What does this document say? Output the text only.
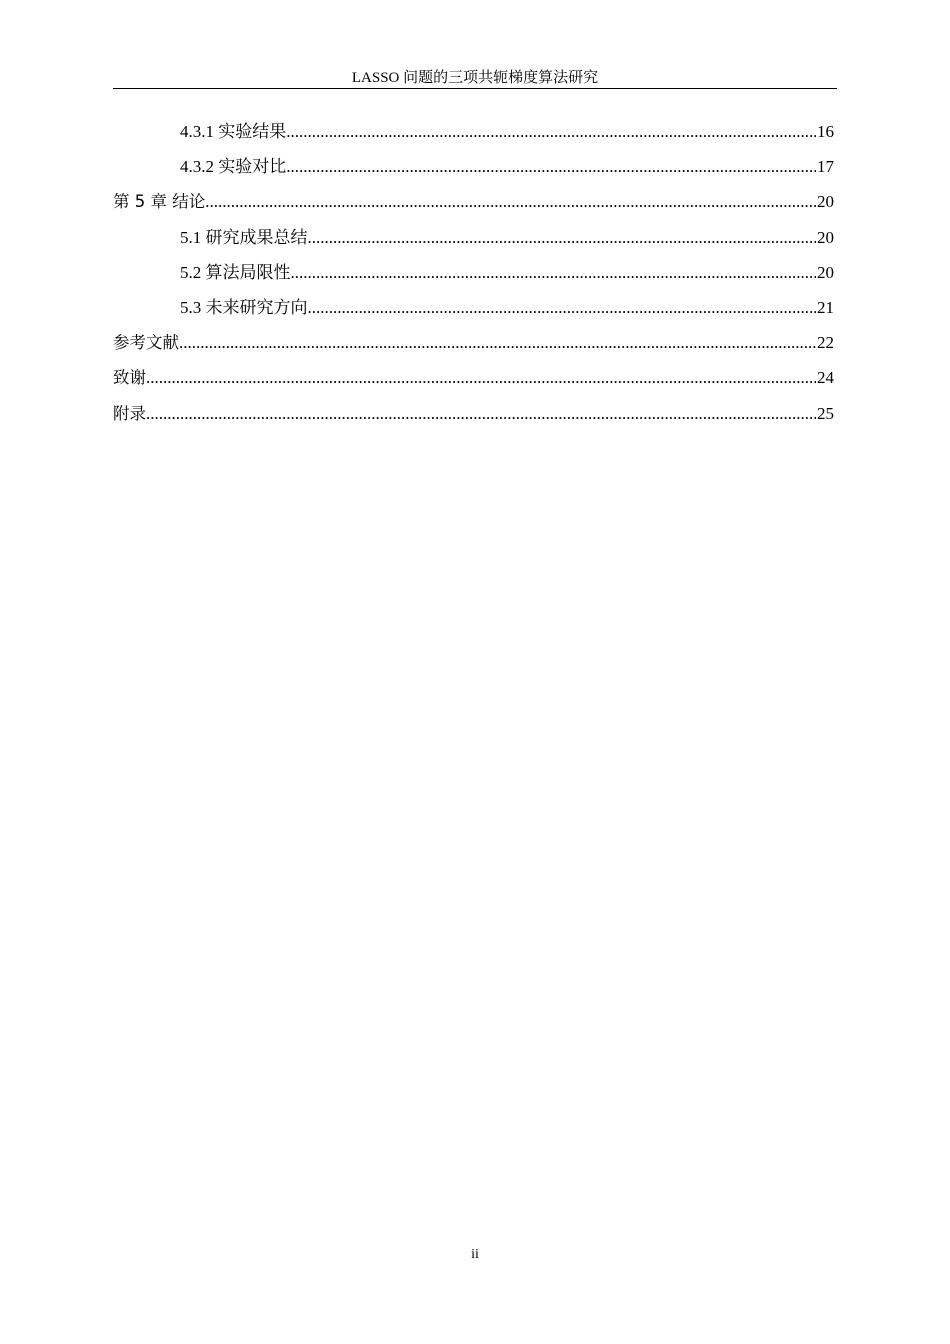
LASSO 问题的三项共轭梯度算法研究
4.3.1 实验结果 .....	16
4.3.2 实验对比 .....	17
第 5 章 结论 .....	20
5.1 研究成果总结 .....	20
5.2 算法局限性 .....	20
5.3 未来研究方向 .....	21
参考文献 .....	22
致谢 .....	24
附录 .....	25
ii
